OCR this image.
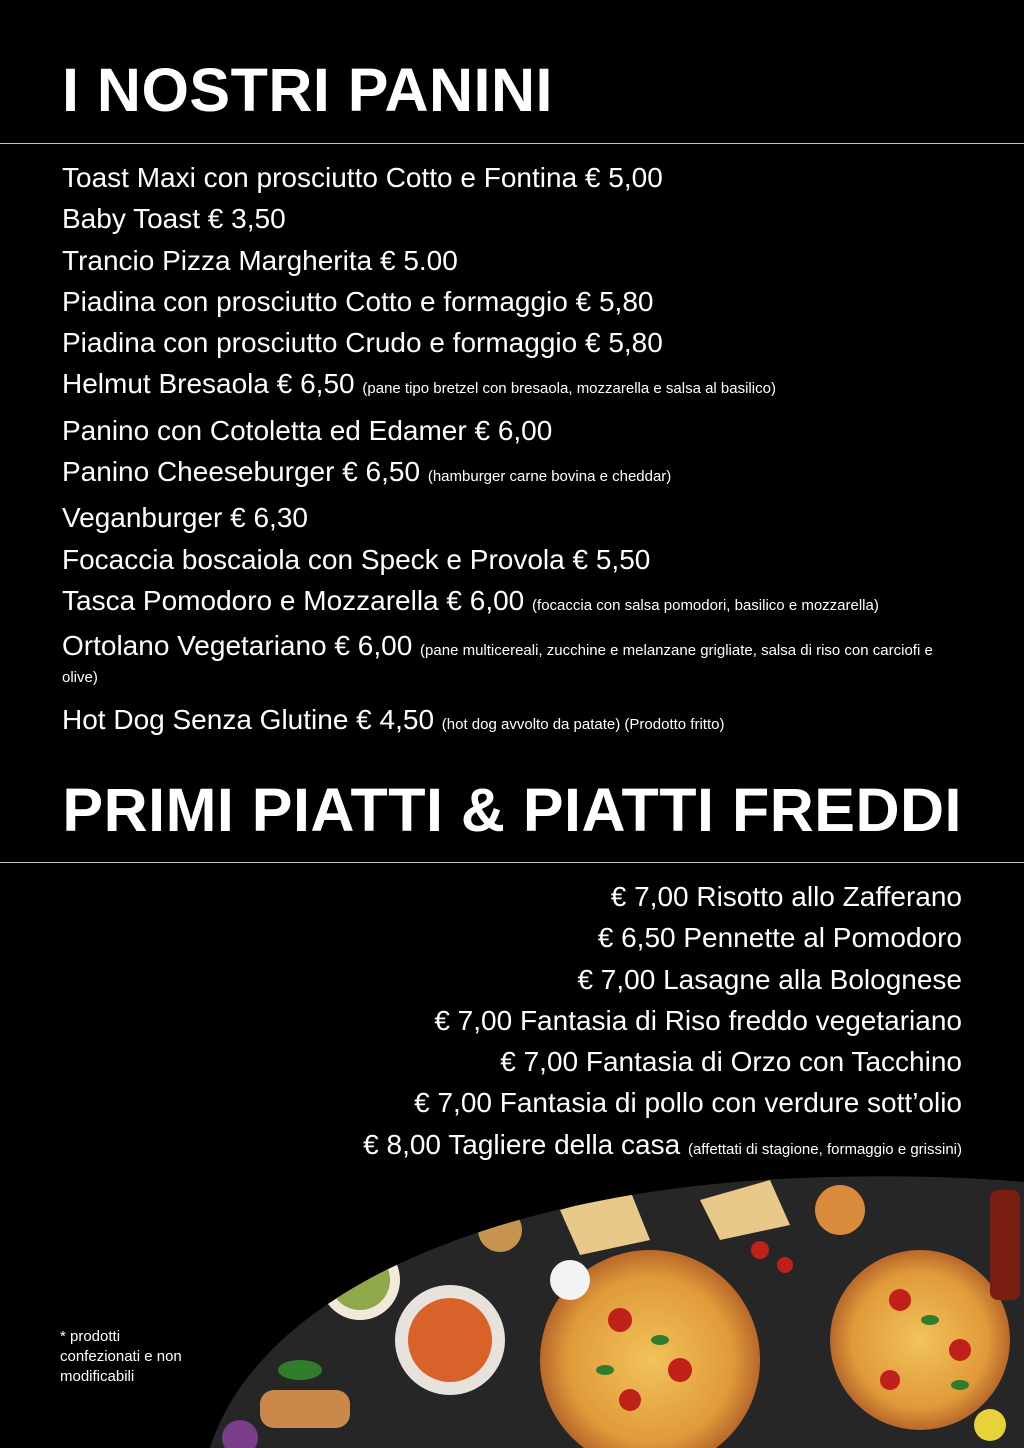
I NOSTRI PANINI
Toast Maxi con prosciutto Cotto e Fontina € 5,00
Baby Toast € 3,50
Trancio Pizza Margherita € 5.00
Piadina con prosciutto Cotto e formaggio € 5,80
Piadina con prosciutto Crudo e formaggio € 5,80
Helmut Bresaola € 6,50 (pane tipo bretzel con bresaola, mozzarella e salsa al basilico)
Panino con Cotoletta ed Edamer € 6,00
Panino Cheeseburger € 6,50 (hamburger carne bovina e cheddar)
Veganburger € 6,30
Focaccia boscaiola con Speck e Provola € 5,50
Tasca Pomodoro e Mozzarella € 6,00 (focaccia con salsa pomodori, basilico e mozzarella)
Ortolano Vegetariano € 6,00 (pane multicereali, zucchine e melanzane grigliate, salsa di riso con carciofi e olive)
Hot Dog Senza Glutine € 4,50 (hot dog avvolto da patate) (Prodotto fritto)
PRIMI PIATTI & PIATTI FREDDI
€ 7,00 Risotto allo Zafferano
€ 6,50 Pennette al Pomodoro
€ 7,00 Lasagne alla Bolognese
€ 7,00 Fantasia di Riso freddo vegetariano
€ 7,00 Fantasia di Orzo con Tacchino
€ 7,00 Fantasia di pollo con verdure sott’olio
€ 8,00 Tagliere della casa (affettati di stagione, formaggio e grissini)
* prodotti confezionati e non modificabili
